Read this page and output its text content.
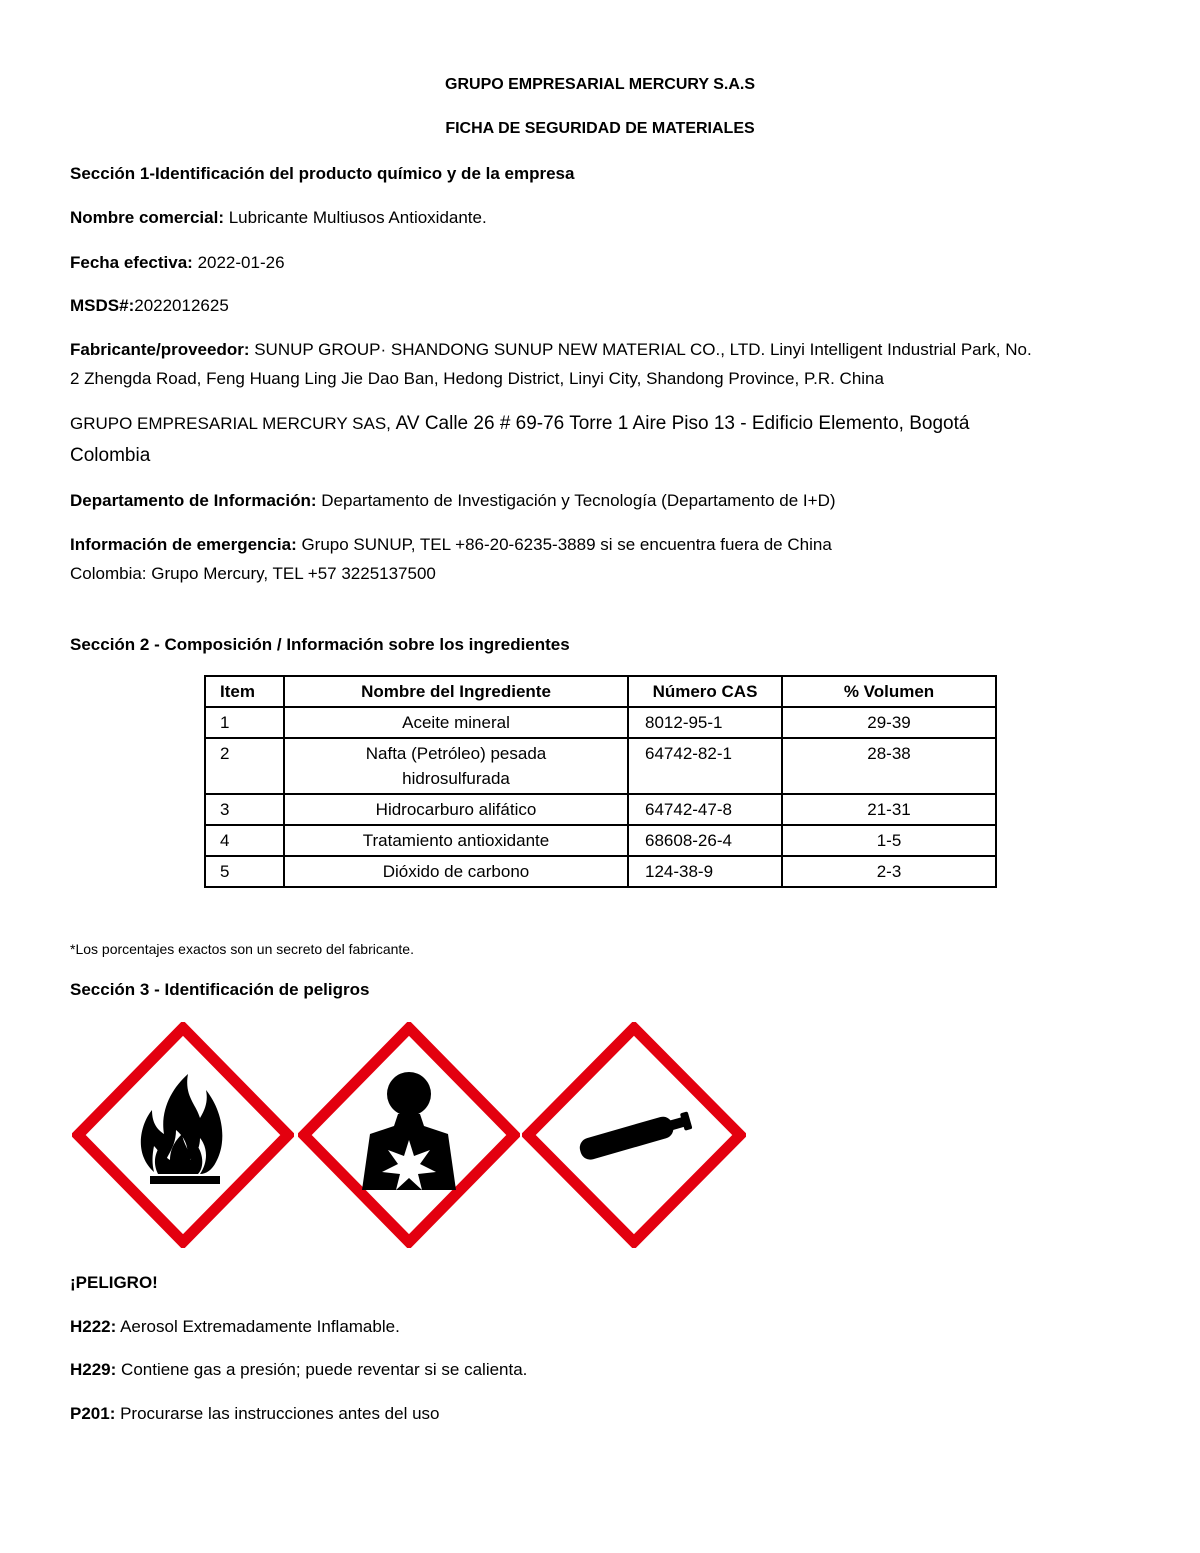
GRUPO EMPRESARIAL MERCURY S.A.S
FICHA DE SEGURIDAD DE MATERIALES
Sección 1-Identificación del producto químico y de la empresa
Nombre comercial: Lubricante Multiusos Antioxidante.
Fecha efectiva: 2022-01-26
MSDS#:2022012625
Fabricante/proveedor: SUNUP GROUP· SHANDONG SUNUP NEW MATERIAL CO., LTD. Linyi Intelligent Industrial Park, No.
2 Zhengda Road, Feng Huang Ling Jie Dao Ban, Hedong District, Linyi City, Shandong Province, P.R. China
GRUPO EMPRESARIAL MERCURY SAS, AV Calle 26 # 69-76 Torre 1 Aire Piso 13 - Edificio Elemento, Bogotá
Colombia
Departamento de Información: Departamento de Investigación y Tecnología (Departamento de I+D)
Información de emergencia: Grupo SUNUP, TEL +86-20-6235-3889 si se encuentra fuera de China
Colombia: Grupo Mercury, TEL +57 3225137500
Sección 2 - Composición / Información sobre los ingredientes
Item	Nombre del Ingrediente	Número CAS	% Volumen
1	Aceite mineral	8012-95-1	29-39
2	Nafta (Petróleo) pesada hidrosulfurada	64742-82-1	28-38
3	Hidrocarburo alifático	64742-47-8	21-31
4	Tratamiento antioxidante	68608-26-4	1-5
5	Dióxido de carbono	124-38-9	2-3
*Los porcentajes exactos son un secreto del fabricante.
Sección 3 - Identificación de peligros
¡PELIGRO!
H222: Aerosol Extremadamente Inflamable.
H229: Contiene gas a presión; puede reventar si se calienta.
P201: Procurarse las instrucciones antes del uso
